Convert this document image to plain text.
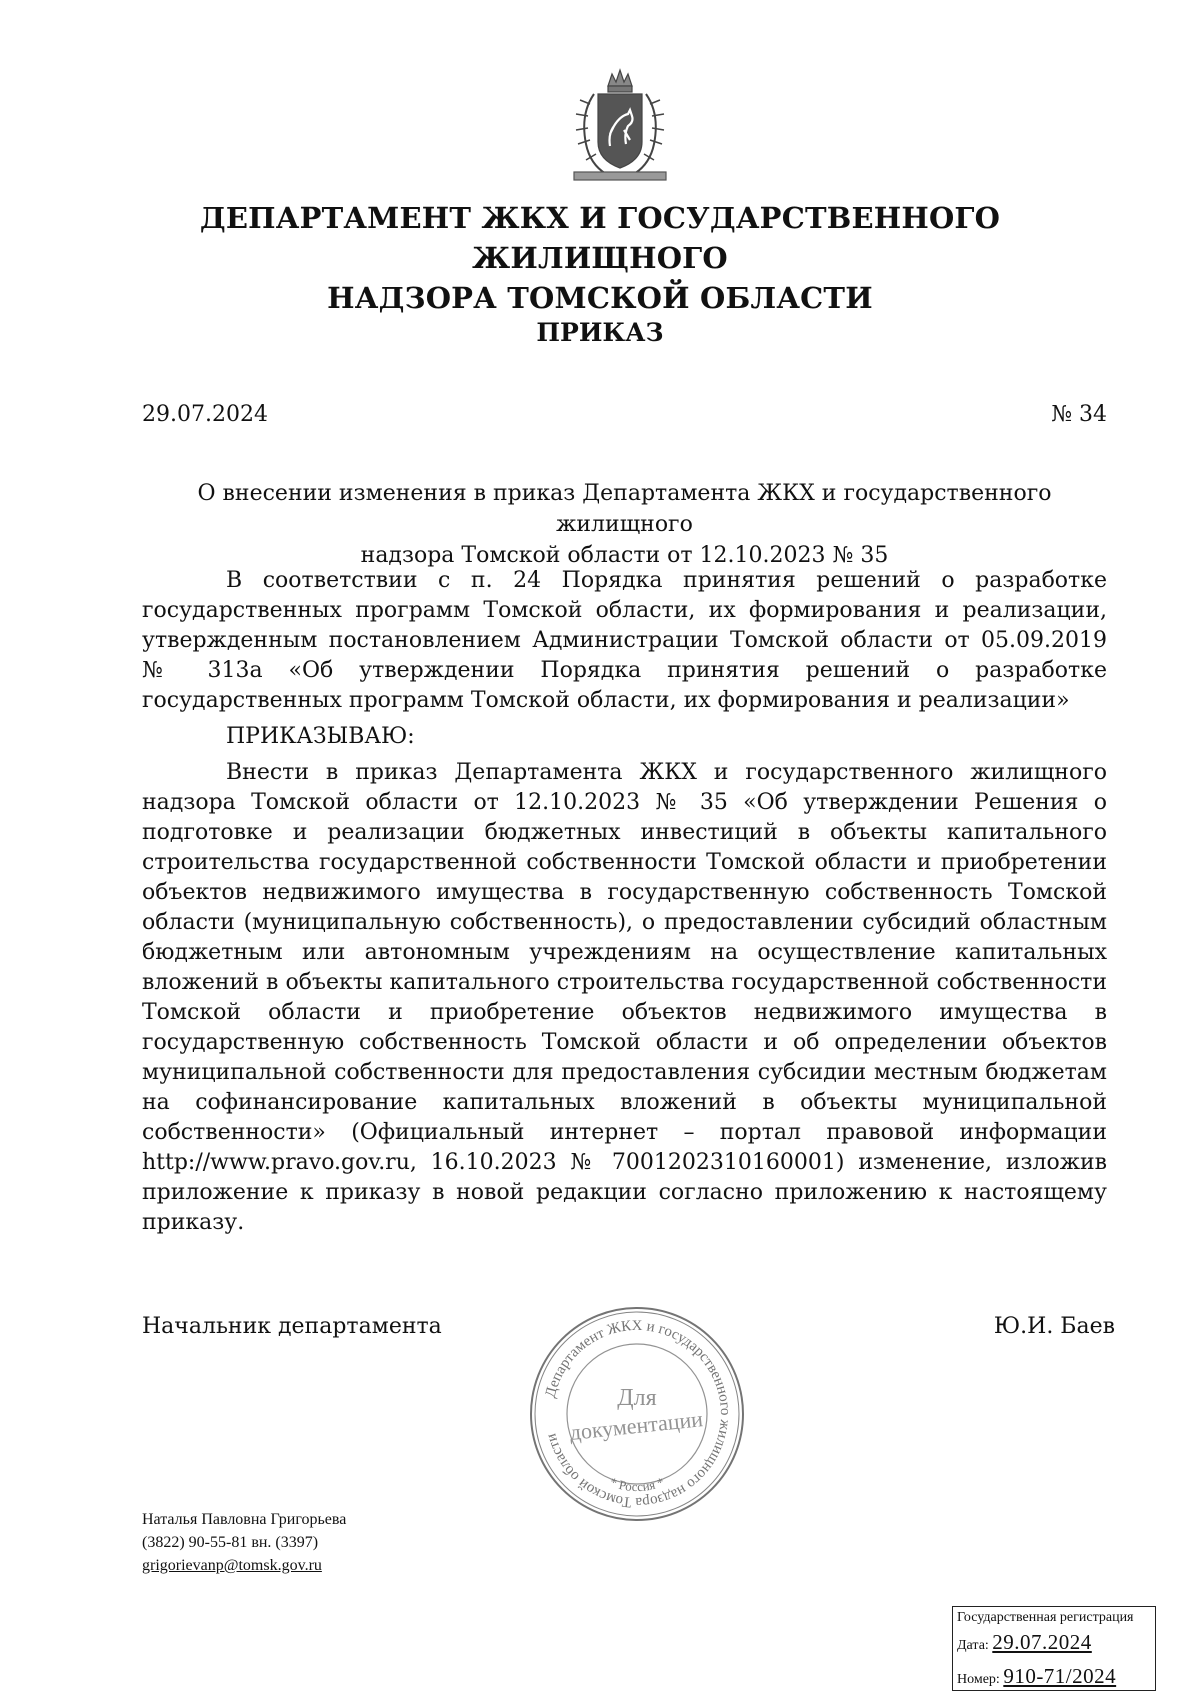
ДЕПАРТАМЕНТ ЖКХ И ГОСУДАРСТВЕННОГО ЖИЛИЩНОГО
НАДЗОРА ТОМСКОЙ ОБЛАСТИ
ПРИКАЗ
29.07.2024	№ 34
О внесении изменения в приказ Департамента ЖКХ и государственного жилищного
надзора Томской области от 12.10.2023 № 35

В соответствии с п. 24 Порядка принятия решений о разработке государственных программ Томской области, их формирования и реализации, утвержденным постановлением Администрации Томской области от 05.09.2019 № 313а «Об утверждении Порядка принятия решений о разработке государственных программ Томской области, их формирования и реализации»

ПРИКАЗЫВАЮ:

Внести в приказ Департамента ЖКХ и государственного жилищного надзора Томской области от 12.10.2023 № 35 «Об утверждении Решения о подготовке и реализации бюджетных инвестиций в объекты капитального строительства государственной собственности Томской области и приобретении объектов недвижимого имущества в государственную собственность Томской области (муниципальную собственность), о предоставлении субсидий областным бюджетным или автономным учреждениям на осуществление капитальных вложений в объекты капитального строительства государственной собственности Томской области и приобретение объектов недвижимого имущества в государственную собственность Томской области и об определении объектов муниципальной собственности для предоставления субсидии местным бюджетам на софинансирование капитальных вложений в объекты муниципальной собственности» (Официальный интернет – портал правовой информации http://www.pravo.gov.ru, 16.10.2023 № 7001202310160001) изменение, изложив приложение к приказу в новой редакции согласно приложению к настоящему приказу.

Начальник департамента	Ю.И. Баев
Департамент ЖКХ и государственного жилищного надзора Томской области
* Россия *
Для
документации
Наталья Павловна Григорьева
(3822) 90-55-81 вн. (3397)
grigorievanp@tomsk.gov.ru
Государственная регистрация
Дата: 29.07.2024
Номер: 910-71/2024
